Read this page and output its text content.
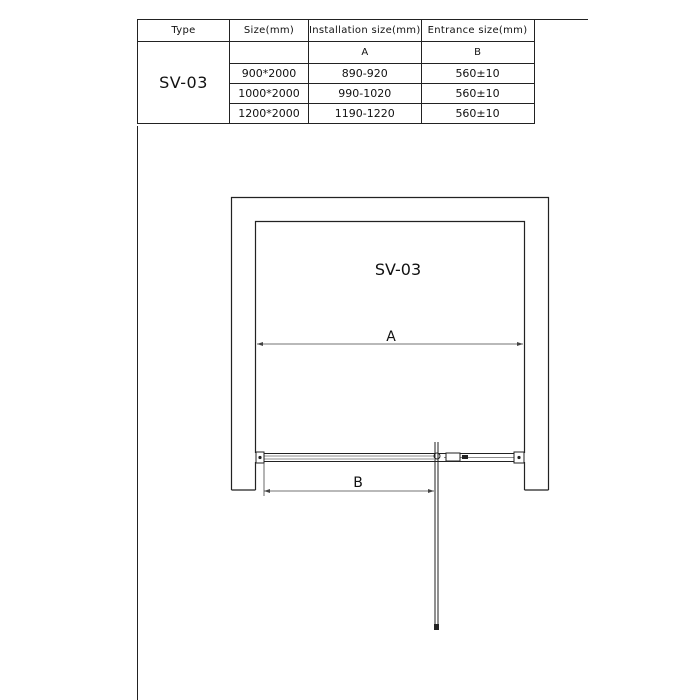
Type	Size(mm)	Installation size(mm)	Entrance size(mm)
SV-03		A	B
	900*2000	890-920	560±10
	1000*2000	990-1020	560±10
	1200*2000	1190-1220	560±10
SV-03
A
B
